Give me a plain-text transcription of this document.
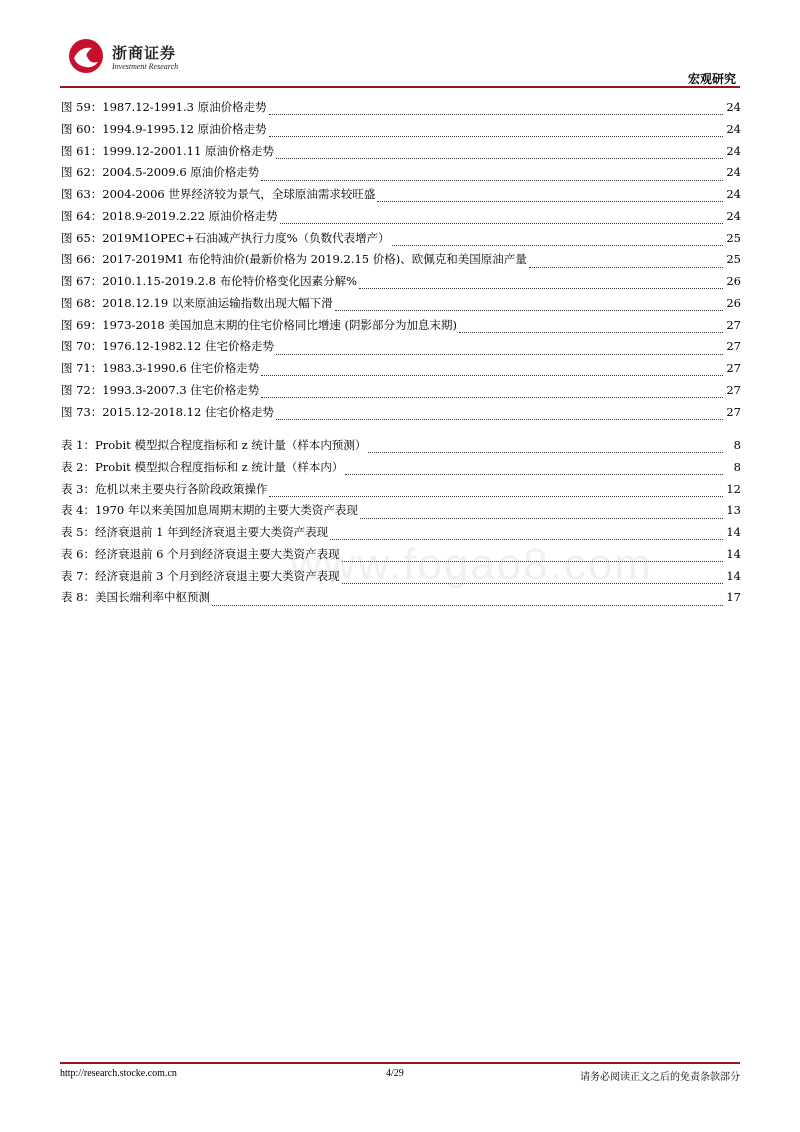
浙商证券
Investment Research
宏观研究
图 59：1987.12-1991.3 原油价格走势	24
图 60：1994.9-1995.12 原油价格走势	24
图 61：1999.12-2001.11 原油价格走势	24
图 62：2004.5-2009.6 原油价格走势	24
图 63：2004-2006 世界经济较为景气，全球原油需求较旺盛	24
图 64：2018.9-2019.2.22 原油价格走势	24
图 65：2019M1OPEC+石油减产执行力度%（负数代表增产）	25
图 66：2017-2019M1 布伦特油价(最新价格为 2019.2.15 价格)、欧佩克和美国原油产量	25
图 67：2010.1.15-2019.2.8 布伦特价格变化因素分解%	26
图 68：2018.12.19 以来原油运输指数出现大幅下滑	26
图 69：1973-2018 美国加息末期的住宅价格同比增速 (阴影部分为加息末期)	27
图 70：1976.12-1982.12 住宅价格走势	27
图 71：1983.3-1990.6 住宅价格走势	27
图 72：1993.3-2007.3 住宅价格走势	27
图 73：2015.12-2018.12 住宅价格走势	27
表 1：Probit 模型拟合程度指标和 z 统计量（样本内预测）	8
表 2：Probit 模型拟合程度指标和 z 统计量（样本内）	8
表 3：危机以来主要央行各阶段政策操作	12
表 4：1970 年以来美国加息周期末期的主要大类资产表现	13
表 5：经济衰退前 1 年到经济衰退主要大类资产表现	14
表 6：经济衰退前 6 个月到经济衰退主要大类资产表现	14
表 7：经济衰退前 3 个月到经济衰退主要大类资产表现	14
表 8：美国长端利率中枢预测	17
www.fogao8.com
http://research.stocke.com.cn	4/29	请务必阅读正文之后的免责条款部分
